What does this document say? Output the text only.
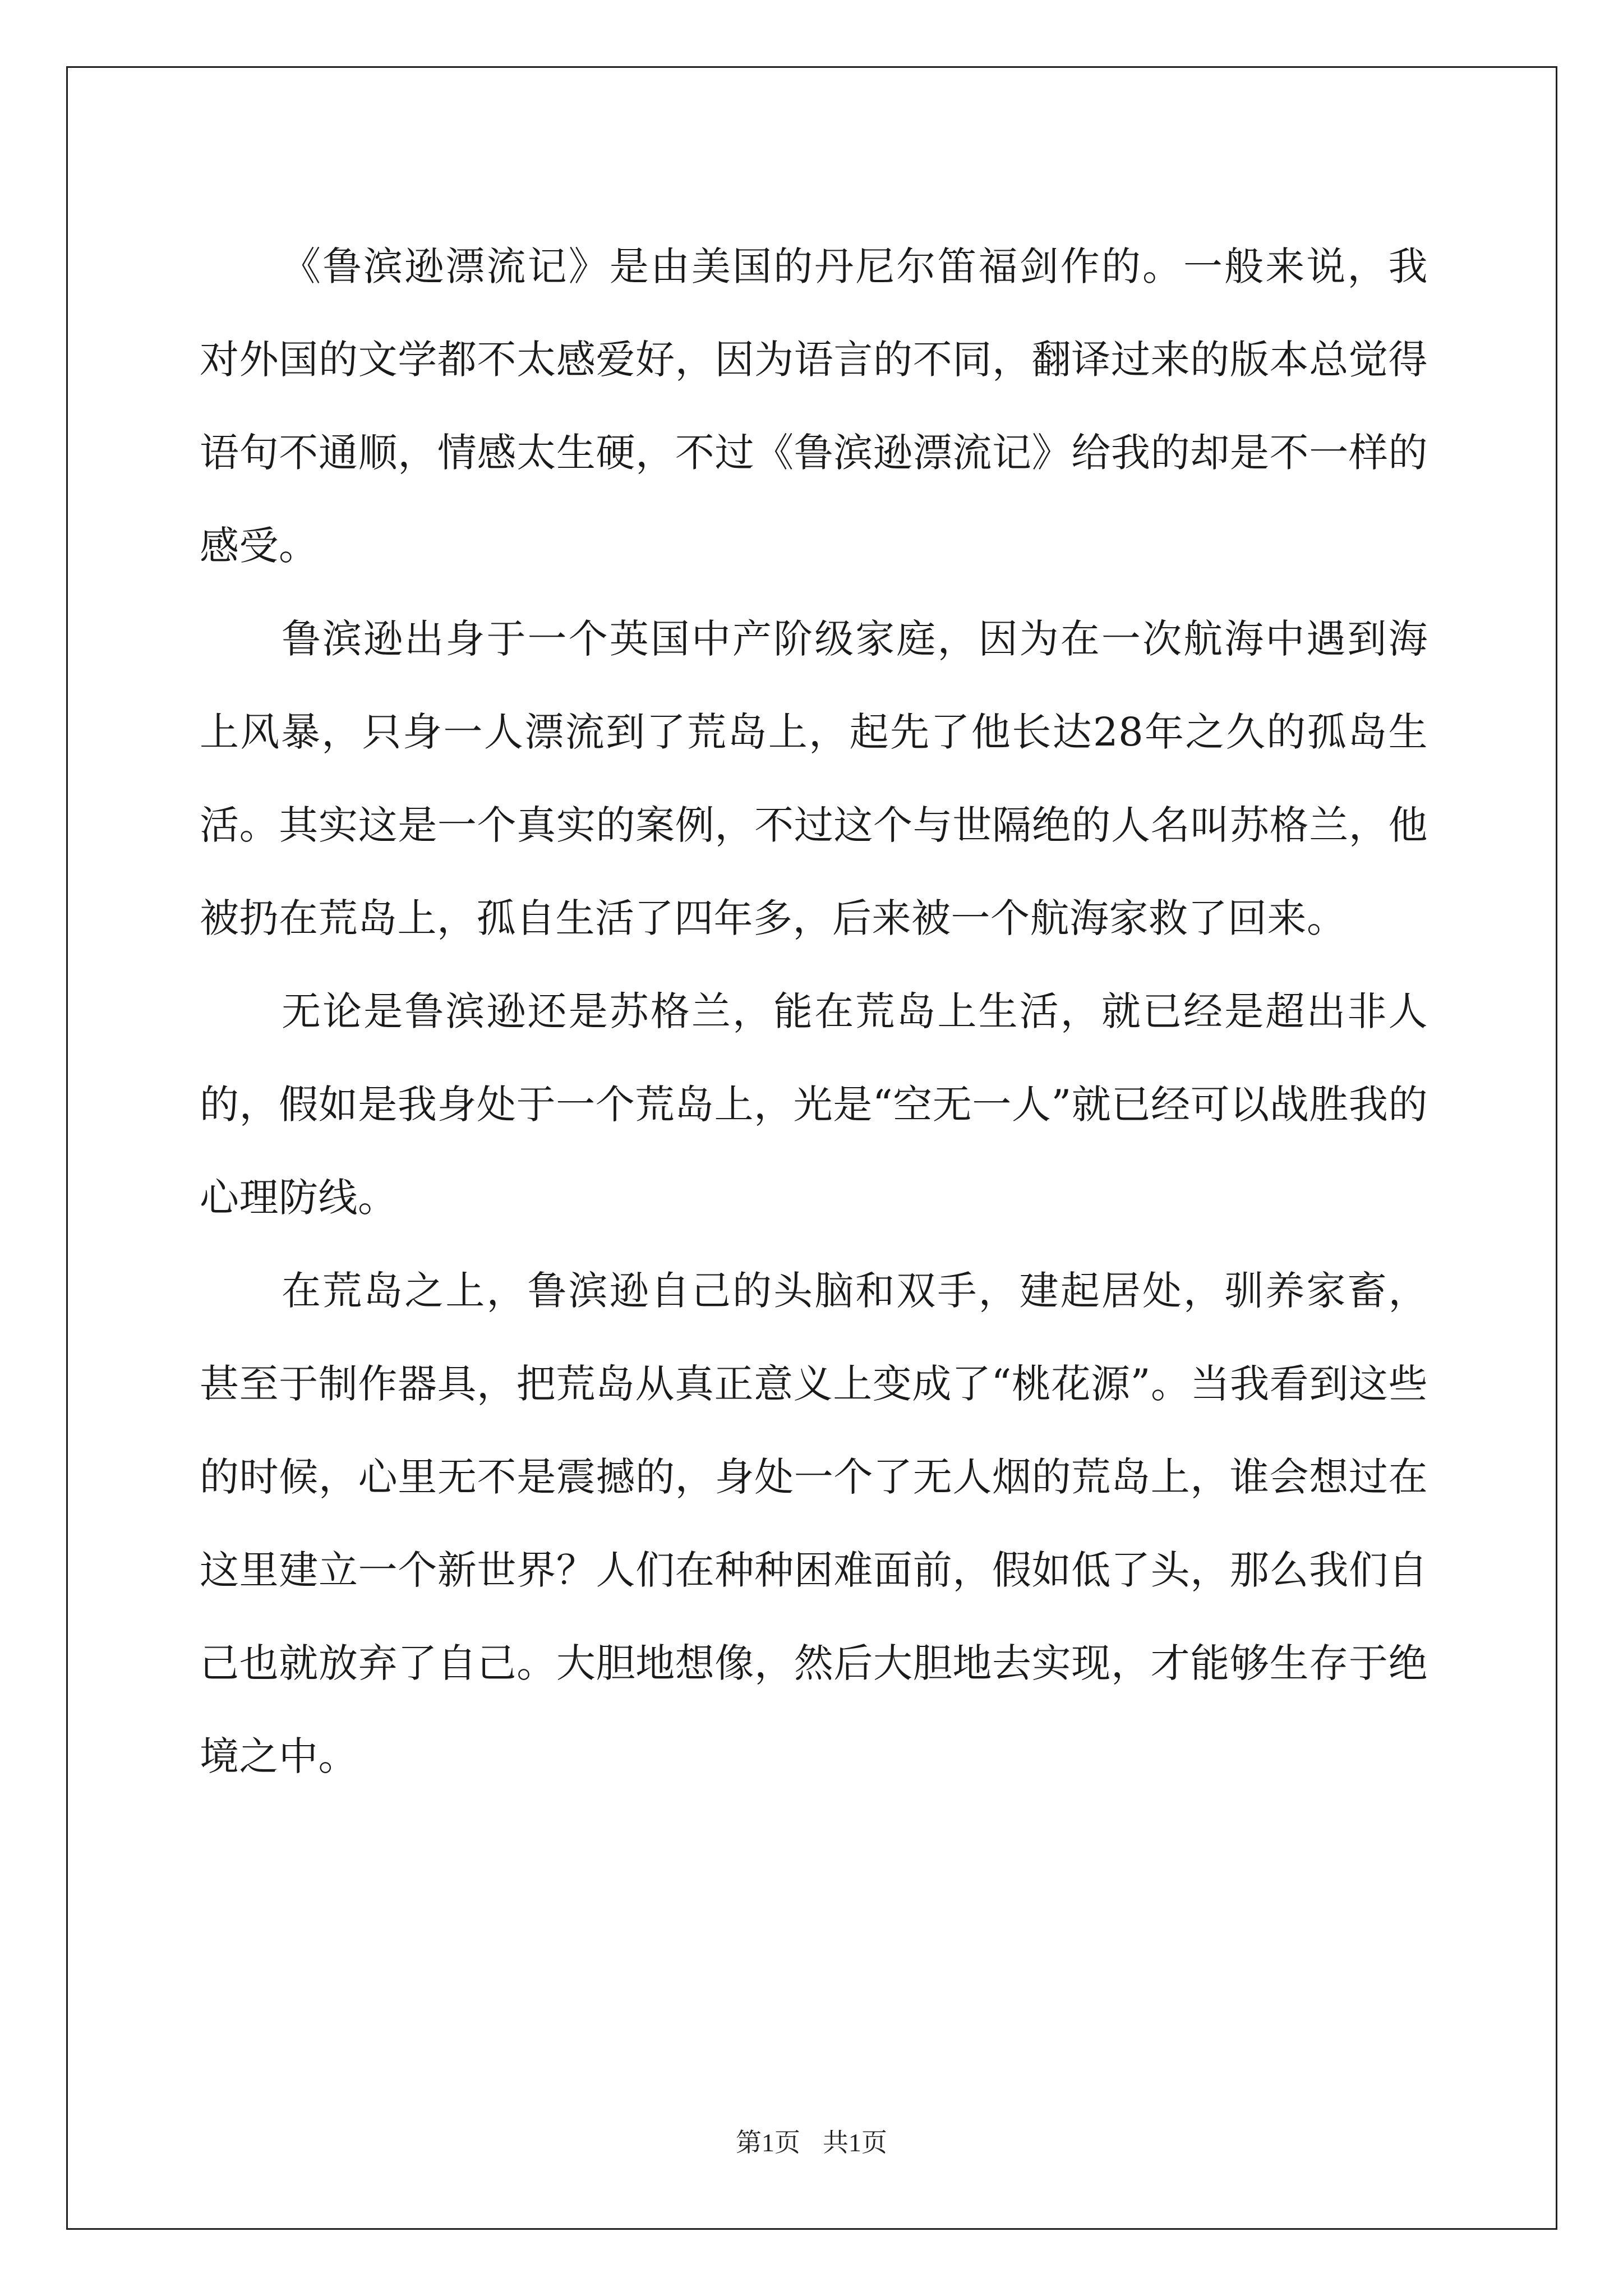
《鲁滨逊漂流记》是由美国的丹尼尔笛福剑作的。一般来说，我对外国的文学都不太感爱好，因为语言的不同，翻译过来的版本总觉得语句不通顺，情感太生硬，不过《鲁滨逊漂流记》给我的却是不一样的感受。

鲁滨逊出身于一个英国中产阶级家庭，因为在一次航海中遇到海上风暴，只身一人漂流到了荒岛上，起先了他长达28年之久的孤岛生活。其实这是一个真实的案例，不过这个与世隔绝的人名叫苏格兰，他被扔在荒岛上，孤自生活了四年多，后来被一个航海家救了回来。

无论是鲁滨逊还是苏格兰，能在荒岛上生活，就已经是超出非人的，假如是我身处于一个荒岛上，光是“空无一人”就已经可以战胜我的心理防线。

在荒岛之上，鲁滨逊自己的头脑和双手，建起居处，驯养家畜，甚至于制作器具，把荒岛从真正意义上变成了“桃花源”。当我看到这些的时候，心里无不是震撼的，身处一个了无人烟的荒岛上，谁会想过在这里建立一个新世界？人们在种种困难面前，假如低了头，那么我们自己也就放弃了自己。大胆地想像，然后大胆地去实现，才能够生存于绝境之中。

第1页 共1页
